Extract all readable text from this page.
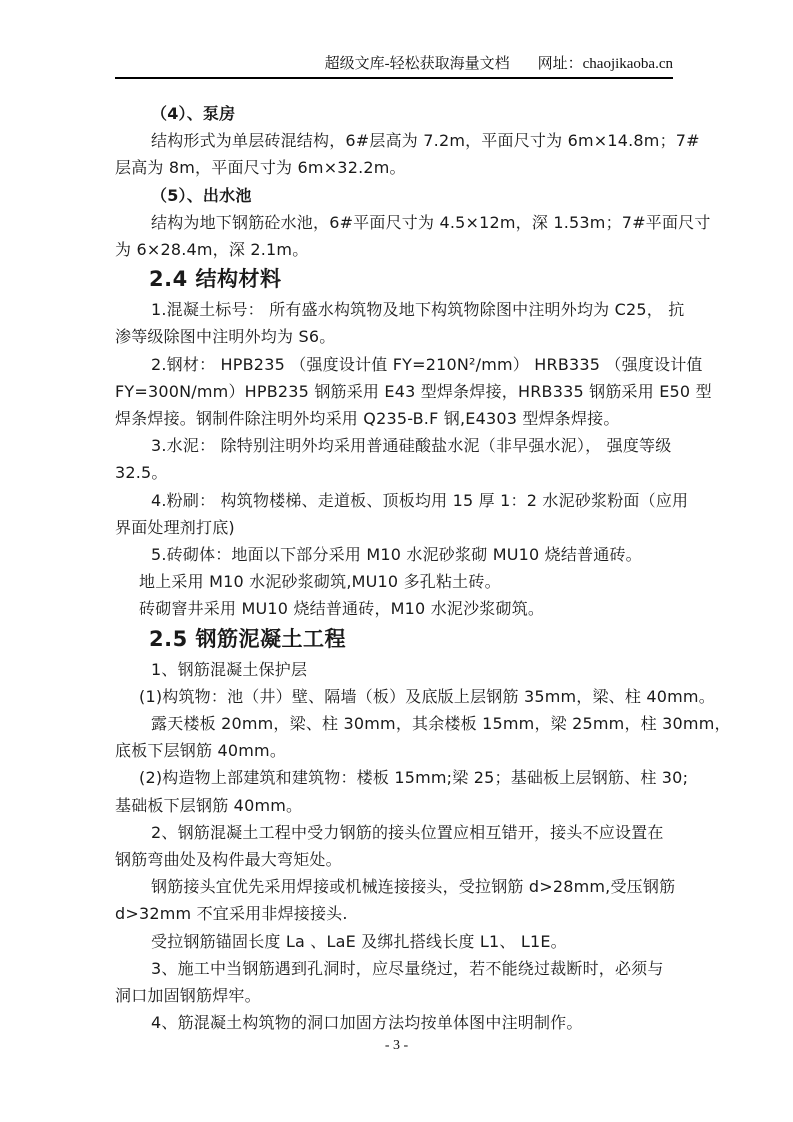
超级文库-轻松获取海量文档 网址：chaojikaoba.cn
（4）、泵房
结构形式为单层砖混结构，6#层高为 7.2m，平面尺寸为 6m×14.8m；7#
层高为 8m，平面尺寸为 6m×32.2m。
（5）、出水池
结构为地下钢筋砼水池，6#平面尺寸为 4.5×12m，深 1.53m；7#平面尺寸
为 6×28.4m，深 2.1m。
2.4 结构材料
1.混凝土标号： 所有盛水构筑物及地下构筑物除图中注明外均为 C25， 抗
渗等级除图中注明外均为 S6。
2.钢材： HPB235 （强度设计值 FY=210N²/mm） HRB335 （强度设计值
FY=300N/mm）HPB235 钢筋采用 E43 型焊条焊接，HRB335 钢筋采用 E50 型
焊条焊接。钢制件除注明外均采用 Q235-B.F 钢,E4303 型焊条焊接。
3.水泥： 除特别注明外均采用普通硅酸盐水泥（非早强水泥）， 强度等级
32.5。
4.粉刷： 构筑物楼梯、走道板、顶板均用 15 厚 1：2 水泥砂浆粉面（应用
界面处理剂打底)
5.砖砌体：地面以下部分采用 M10 水泥砂浆砌 MU10 烧结普通砖。
地上采用 M10 水泥砂浆砌筑,MU10 多孔粘土砖。
砖砌窨井采用 MU10 烧结普通砖，M10 水泥沙浆砌筑。
2.5 钢筋泥凝土工程
1、钢筋混凝土保护层
(1)构筑物：池（井）壁、隔墙（板）及底版上层钢筋 35mm，梁、柱 40mm。
露天楼板 20mm，梁、柱 30mm，其余楼板 15mm，梁 25mm，柱 30mm，
底板下层钢筋 40mm。
(2)构造物上部建筑和建筑物：楼板 15mm;梁 25；基础板上层钢筋、柱 30;
基础板下层钢筋 40mm。
2、钢筋混凝土工程中受力钢筋的接头位置应相互错开，接头不应设置在
钢筋弯曲处及构件最大弯矩处。
钢筋接头宜优先采用焊接或机械连接接头，受拉钢筋 d>28mm,受压钢筋
d>32mm 不宜采用非焊接接头.
受拉钢筋锚固长度 La 、LaE 及绑扎搭线长度 L1、 L1E。
3、施工中当钢筋遇到孔洞时，应尽量绕过，若不能绕过裁断时，必须与
洞口加固钢筋焊牢。
4、筋混凝土构筑物的洞口加固方法均按单体图中注明制作。
- 3 -
